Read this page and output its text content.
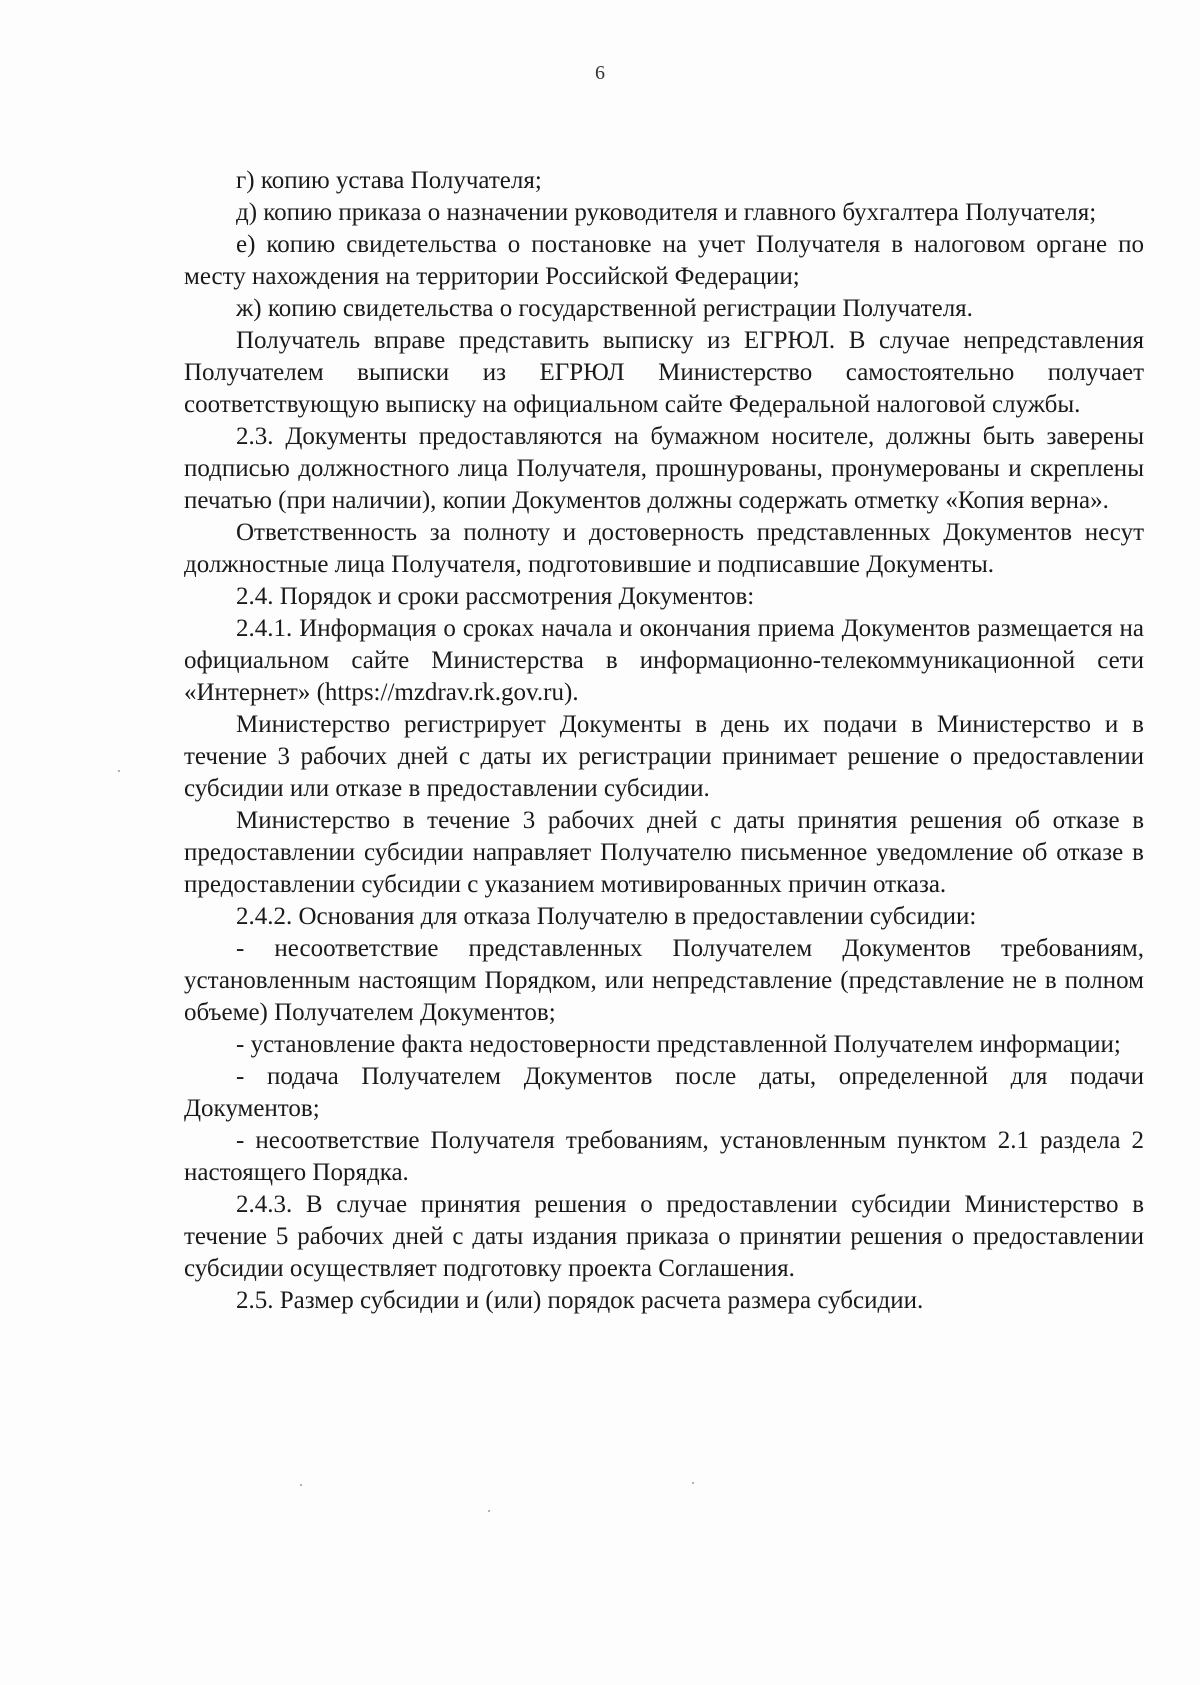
6

г) копию устава Получателя;

д) копию приказа о назначении руководителя и главного бухгалтера Получателя;

е) копию свидетельства о постановке на учет Получателя в налоговом органе по месту нахождения на территории Российской Федерации;

ж) копию свидетельства о государственной регистрации Получателя.

Получатель вправе представить выписку из ЕГРЮЛ. В случае непредставления Получателем выписки из ЕГРЮЛ Министерство самостоятельно получает соответствующую выписку на официальном сайте Федеральной налоговой службы.

2.3. Документы предоставляются на бумажном носителе, должны быть заверены подписью должностного лица Получателя, прошнурованы, пронумерованы и скреплены печатью (при наличии), копии Документов должны содержать отметку «Копия верна».

Ответственность за полноту и достоверность представленных Документов несут должностные лица Получателя, подготовившие и подписавшие Документы.

2.4. Порядок и сроки рассмотрения Документов:

2.4.1. Информация о сроках начала и окончания приема Документов размещается на официальном сайте Министерства в информационно-телекоммуникационной сети «Интернет» (https://mzdrav.rk.gov.ru).

Министерство регистрирует Документы в день их подачи в Министерство и в течение 3 рабочих дней с даты их регистрации принимает решение о предоставлении субсидии или отказе в предоставлении субсидии.

Министерство в течение 3 рабочих дней с даты принятия решения об отказе в предоставлении субсидии направляет Получателю письменное уведомление об отказе в предоставлении субсидии с указанием мотивированных причин отказа.

2.4.2. Основания для отказа Получателю в предоставлении субсидии:

- несоответствие представленных Получателем Документов требованиям, установленным настоящим Порядком, или непредставление (представление не в полном объеме) Получателем Документов;

- установление факта недостоверности представленной Получателем информации;

- подача Получателем Документов после даты, определенной для подачи Документов;

- несоответствие Получателя требованиям, установленным пунктом 2.1 раздела 2 настоящего Порядка.

2.4.3. В случае принятия решения о предоставлении субсидии Министерство в течение 5 рабочих дней с даты издания приказа о принятии решения о предоставлении субсидии осуществляет подготовку проекта Соглашения.

2.5. Размер субсидии и (или) порядок расчета размера субсидии.
